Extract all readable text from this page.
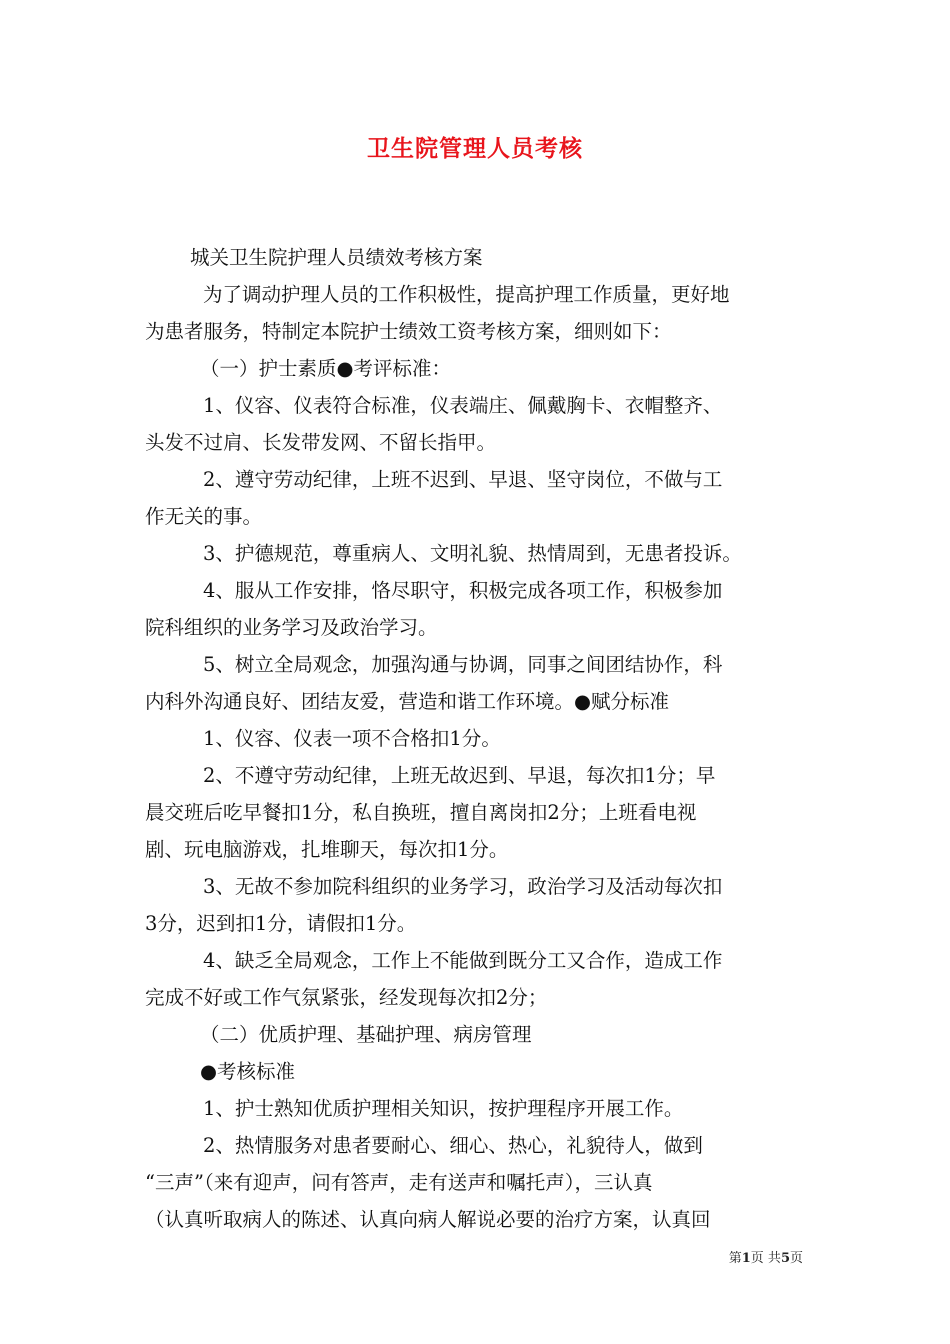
卫生院管理人员考核
城关卫生院护理人员绩效考核方案
为了调动护理人员的工作积极性，提高护理工作质量，更好地
为患者服务，特制定本院护士绩效工资考核方案，细则如下：
（一）护士素质●考评标准：
1、仪容、仪表符合标准，仪表端庄、佩戴胸卡、衣帽整齐、
头发不过肩、长发带发网、不留长指甲。
2、遵守劳动纪律，上班不迟到、早退、坚守岗位，不做与工
作无关的事。
3、护德规范，尊重病人、文明礼貌、热情周到，无患者投诉。
4、服从工作安排，恪尽职守，积极完成各项工作，积极参加
院科组织的业务学习及政治学习。
5、树立全局观念，加强沟通与协调，同事之间团结协作，科
内科外沟通良好、团结友爱，营造和谐工作环境。●赋分标准
1、仪容、仪表一项不合格扣1分。
2、不遵守劳动纪律，上班无故迟到、早退，每次扣1分；早
晨交班后吃早餐扣1分，私自换班，擅自离岗扣2分；上班看电视
剧、玩电脑游戏，扎堆聊天，每次扣1分。
3、无故不参加院科组织的业务学习，政治学习及活动每次扣
3分，迟到扣1分，请假扣1分。
4、缺乏全局观念，工作上不能做到既分工又合作，造成工作
完成不好或工作气氛紧张，经发现每次扣2分；
（二）优质护理、基础护理、病房管理
●考核标准
1、护士熟知优质护理相关知识，按护理程序开展工作。
2、热情服务对患者要耐心、细心、热心，礼貌待人，做到
“三声”（来有迎声，问有答声，走有送声和嘱托声），三认真
（认真听取病人的陈述、认真向病人解说必要的治疗方案，认真回
第1页 共5页
